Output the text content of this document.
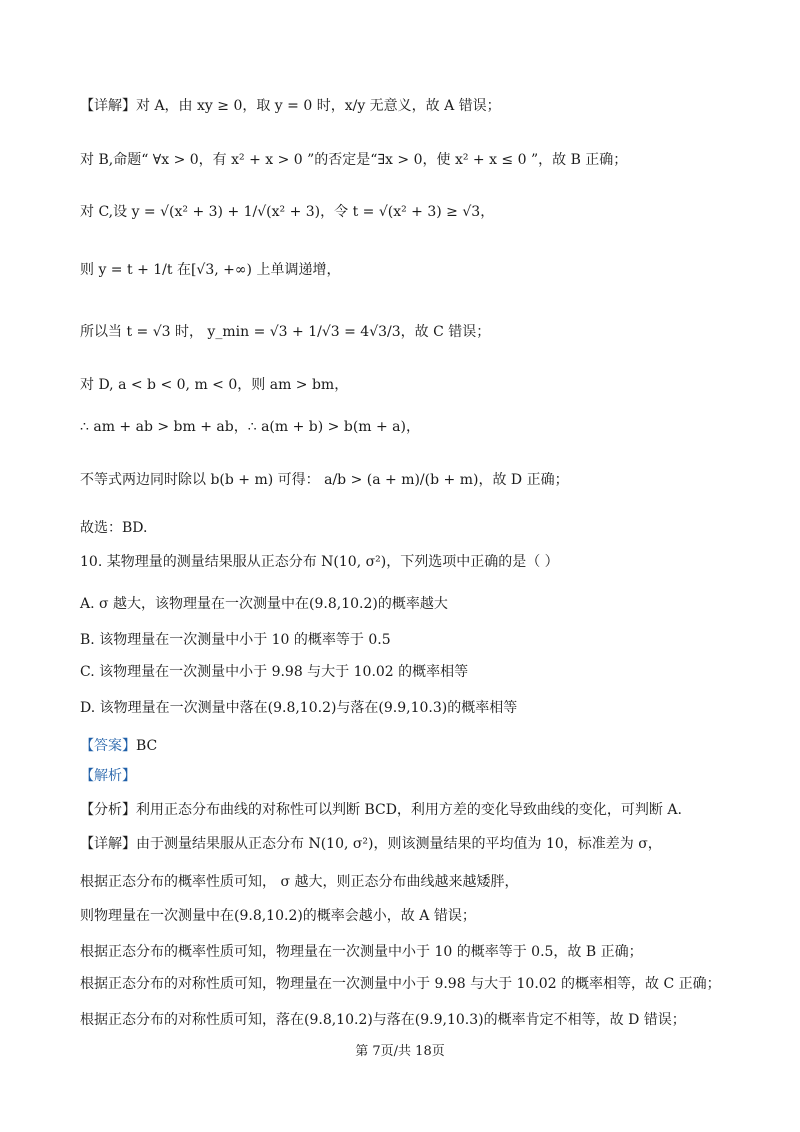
【详解】对 A，由 xy ≥ 0，取 y = 0 时，x/y 无意义，故 A 错误；
对 B,命题“ ∀x > 0，有 x² + x > 0 ”的否定是“∃x > 0，使 x² + x ≤ 0 ”，故 B 正确；
对 C,设 y = √(x² + 3) + 1/√(x² + 3)，令 t = √(x² + 3) ≥ √3，
则 y = t + 1/t 在[√3, +∞) 上单调递增，
所以当 t = √3 时， y_min = √3 + 1/√3 = 4√3/3，故 C 错误；
对 D, a < b < 0, m < 0，则 am > bm，
∴ am + ab > bm + ab，∴ a(m + b) > b(m + a)，
不等式两边同时除以 b(b + m) 可得： a/b > (a + m)/(b + m)，故 D 正确；
故选：BD.
10. 某物理量的测量结果服从正态分布 N(10, σ²)，下列选项中正确的是（ ）
A. σ 越大，该物理量在一次测量中在(9.8,10.2)的概率越大
B. 该物理量在一次测量中小于 10 的概率等于 0.5
C. 该物理量在一次测量中小于 9.98 与大于 10.02 的概率相等
D. 该物理量在一次测量中落在(9.8,10.2)与落在(9.9,10.3)的概率相等
【答案】BC
【解析】
【分析】利用正态分布曲线的对称性可以判断 BCD，利用方差的变化导致曲线的变化，可判断 A.
【详解】由于测量结果服从正态分布 N(10, σ²)，则该测量结果的平均值为 10，标准差为 σ，
根据正态分布的概率性质可知， σ 越大，则正态分布曲线越来越矮胖，
则物理量在一次测量中在(9.8,10.2)的概率会越小，故 A 错误；
根据正态分布的概率性质可知，物理量在一次测量中小于 10 的概率等于 0.5，故 B 正确；
根据正态分布的对称性质可知，物理量在一次测量中小于 9.98 与大于 10.02 的概率相等，故 C 正确；
根据正态分布的对称性质可知，落在(9.8,10.2)与落在(9.9,10.3)的概率肯定不相等，故 D 错误；
第 7页/共 18页
